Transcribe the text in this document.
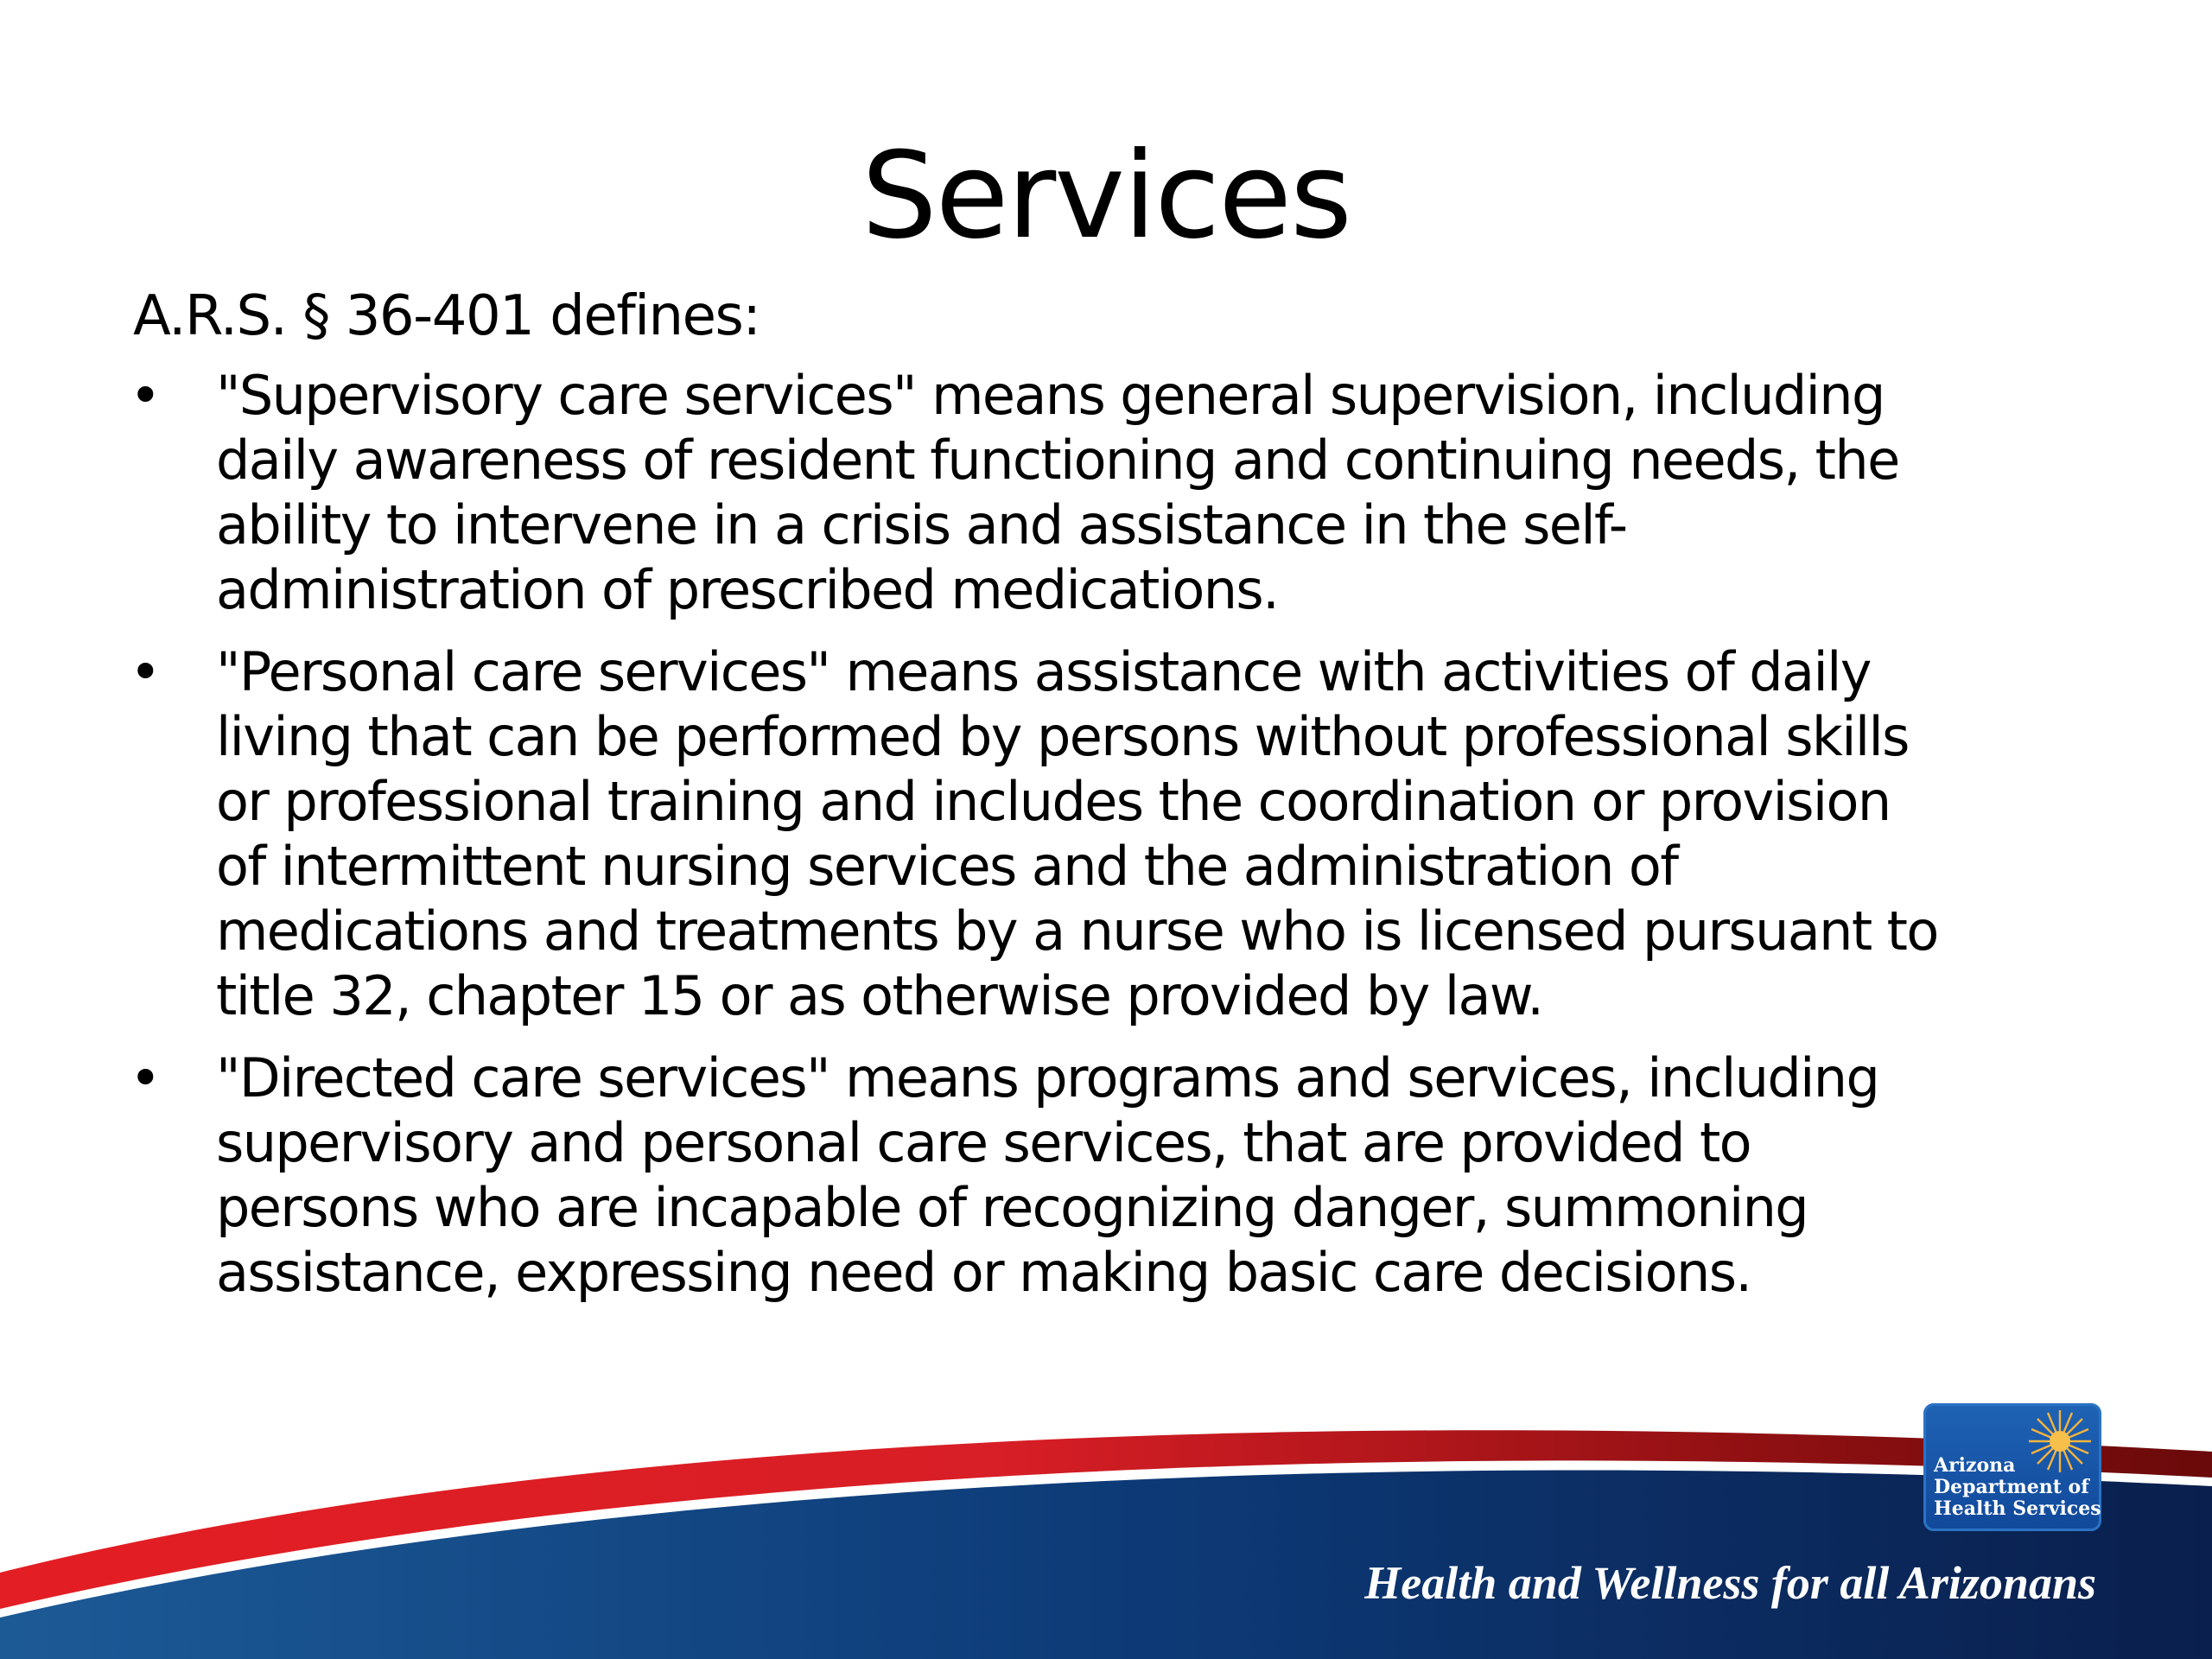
Services
A.R.S. § 36-401 defines:
•	"Supervisory care services" means general supervision, including
daily awareness of resident functioning and continuing needs, the
ability to intervene in a crisis and assistance in the self-
administration of prescribed medications.
•	"Personal care services" means assistance with activities of daily
living that can be performed by persons without professional skills
or professional training and includes the coordination or provision
of intermittent nursing services and the administration of
medications and treatments by a nurse who is licensed pursuant to
title 32, chapter 15 or as otherwise provided by law.
•	"Directed care services" means programs and services, including
supervisory and personal care services, that are provided to
persons who are incapable of recognizing danger, summoning
assistance, expressing need or making basic care decisions.
Arizona
Department of
Health Services
Health and Wellness for all Arizonans
